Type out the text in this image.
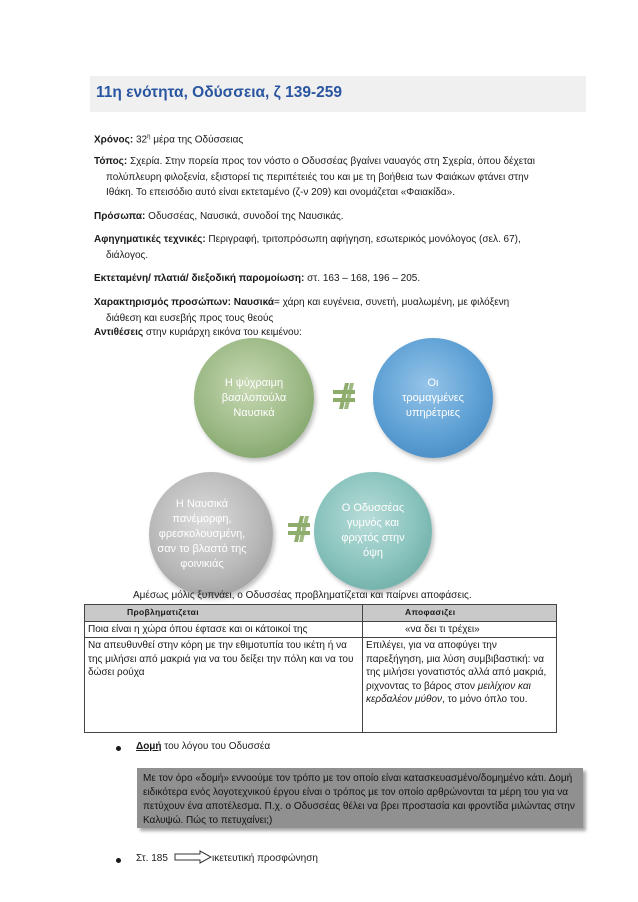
11η ενότητα, Οδύσσεια, ζ 139-259
Χρόνος: $32^\eta$ μέρα της Οδύσσειας
Τόπος: Σχερία. Στην πορεία προς τον νόστο ο Οδυσσέας βγαίνει ναυαγός στη Σχερία, όπου δέχεται
πολύπλευρη φιλοξενία, εξιστορεί τις περιπέτειές του και με τη βοήθεια των Φαιάκων φτάνει στην
Ιθάκη. Το επεισόδιο αυτό είναι εκτεταμένο (ζ-ν 209) και ονομάζεται «Φαιακίδα».
Πρόσωπα: Οδυσσέας, Ναυσικά, συνοδοί της Ναυσικάς.
Αφηγηματικές τεχνικές: Περιγραφή, τριτοπρόσωπη αφήγηση, εσωτερικός μονόλογος (σελ. 67),
διάλογος.
Εκτεταμένη/ πλατιά/ διεξοδική παρομοίωση: στ. 163 – 168, 196 – 205.
Χαρακτηρισμός προσώπων: Ναυσικά= χάρη και ευγένεια, συνετή, μυαλωμένη, με φιλόξενη
διάθεση και ευσεβής προς τους θεούς
Αντιθέσεις στην κυριάρχη εικόνα του κειμένου:
Η ψύχραιμη
βασιλοπούλα
Ναυσικά
Οι
τρομαγμένες
υπηρέτριες
Η Ναυσικά
πανέμορφη,
φρεσκολουσμένη,
σαν το βλαστό της
φοινικιάς
Ο Οδυσσέας
γυμνός και
φριχτός στην
όψη
Αμέσως μόλις ξυπνάει, ο Οδυσσέας προβληματίζεται και παίρνει αποφάσεις.
Προβληματιζεται	Αποφασιζει
Ποια είναι η χώρα όπου έφτασε και οι κάτοικοί της	«να δει τι τρέχει»
Να απευθυνθεί στην κόρη με την εθιμοτυπία του ικέτη ή να της μιλήσει από μακριά για να του δείξει την πόλη και να του δώσει ρούχα	Επιλέγει, για να αποφύγει την παρεξήγηση, μια λύση συμβιβαστική: να της μιλήσει γονατιστός αλλά από μακριά, ριχνοντας το βάρος στον μειλίχιον και κερδαλέον μύθον, το μόνο όπλο του.
Δομή του λόγου του Οδυσσέα

Με τον όρο «δομή» εννοούμε τον τρόπο με τον οποίο είναι κατασκευασμένο/δομημένο κάτι. Δομή ειδικότερα ενός λογοτεχνικού έργου είναι ο τρόπος με τον οποίο αρθρώνονται τα μέρη του για να πετύχουν ένα αποτέλεσμα. Π.χ. ο Οδυσσέας θέλει να βρει προστασία και φροντίδα μιλώντας στην Καλυψώ. Πώς το πετυχαίνει;)

Στ. 185	ικετευτική προσφώνηση
